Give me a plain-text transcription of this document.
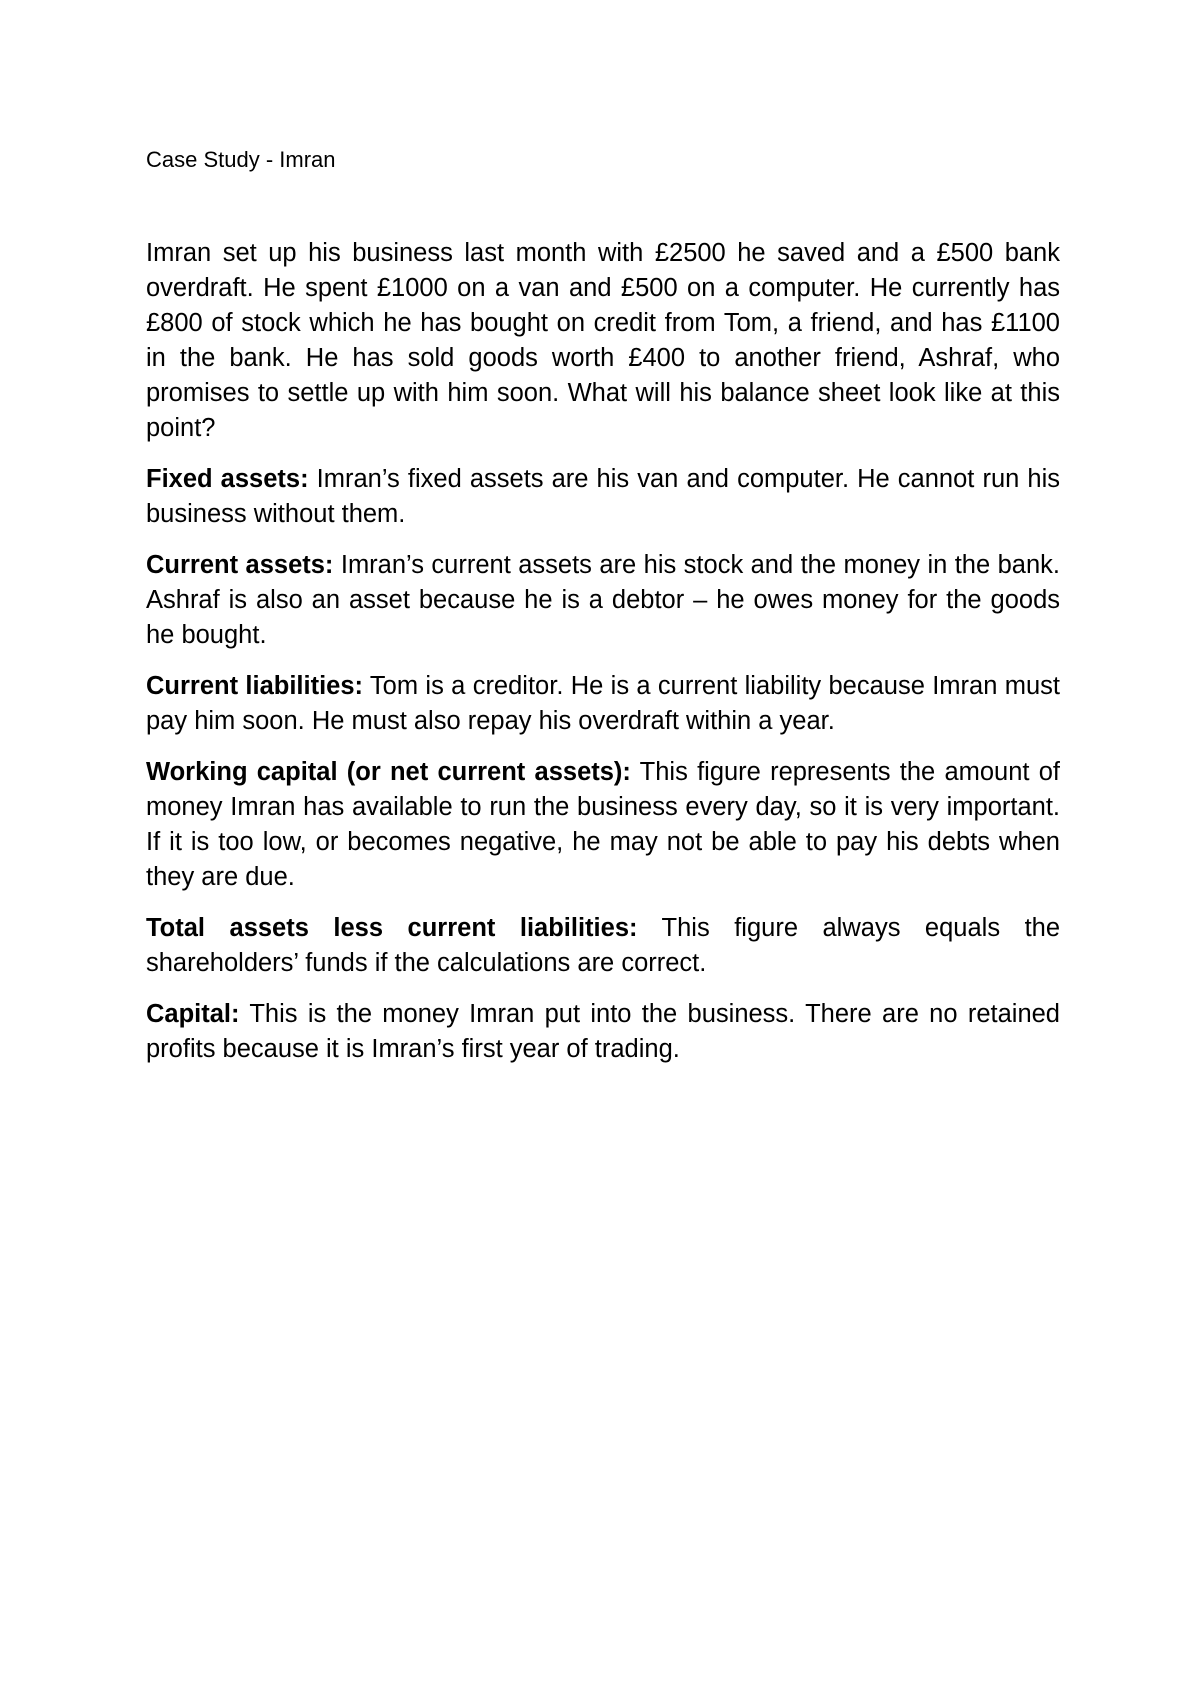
Case Study - Imran

Imran set up his business last month with £2500 he saved and a £500 bank overdraft. He spent £1000 on a van and £500 on a computer. He currently has £800 of stock which he has bought on credit from Tom, a friend, and has £1100 in the bank. He has sold goods worth £400 to another friend, Ashraf, who promises to settle up with him soon. What will his balance sheet look like at this point?

Fixed assets: Imran’s fixed assets are his van and computer. He cannot run his business without them.

Current assets: Imran’s current assets are his stock and the money in the bank. Ashraf is also an asset because he is a debtor – he owes money for the goods he bought.

Current liabilities: Tom is a creditor. He is a current liability because Imran must pay him soon. He must also repay his overdraft within a year.

Working capital (or net current assets): This figure represents the amount of money Imran has available to run the business every day, so it is very important. If it is too low, or becomes negative, he may not be able to pay his debts when they are due.

Total assets less current liabilities: This figure always equals the shareholders’ funds if the calculations are correct.

Capital: This is the money Imran put into the business. There are no retained profits because it is Imran’s first year of trading.
